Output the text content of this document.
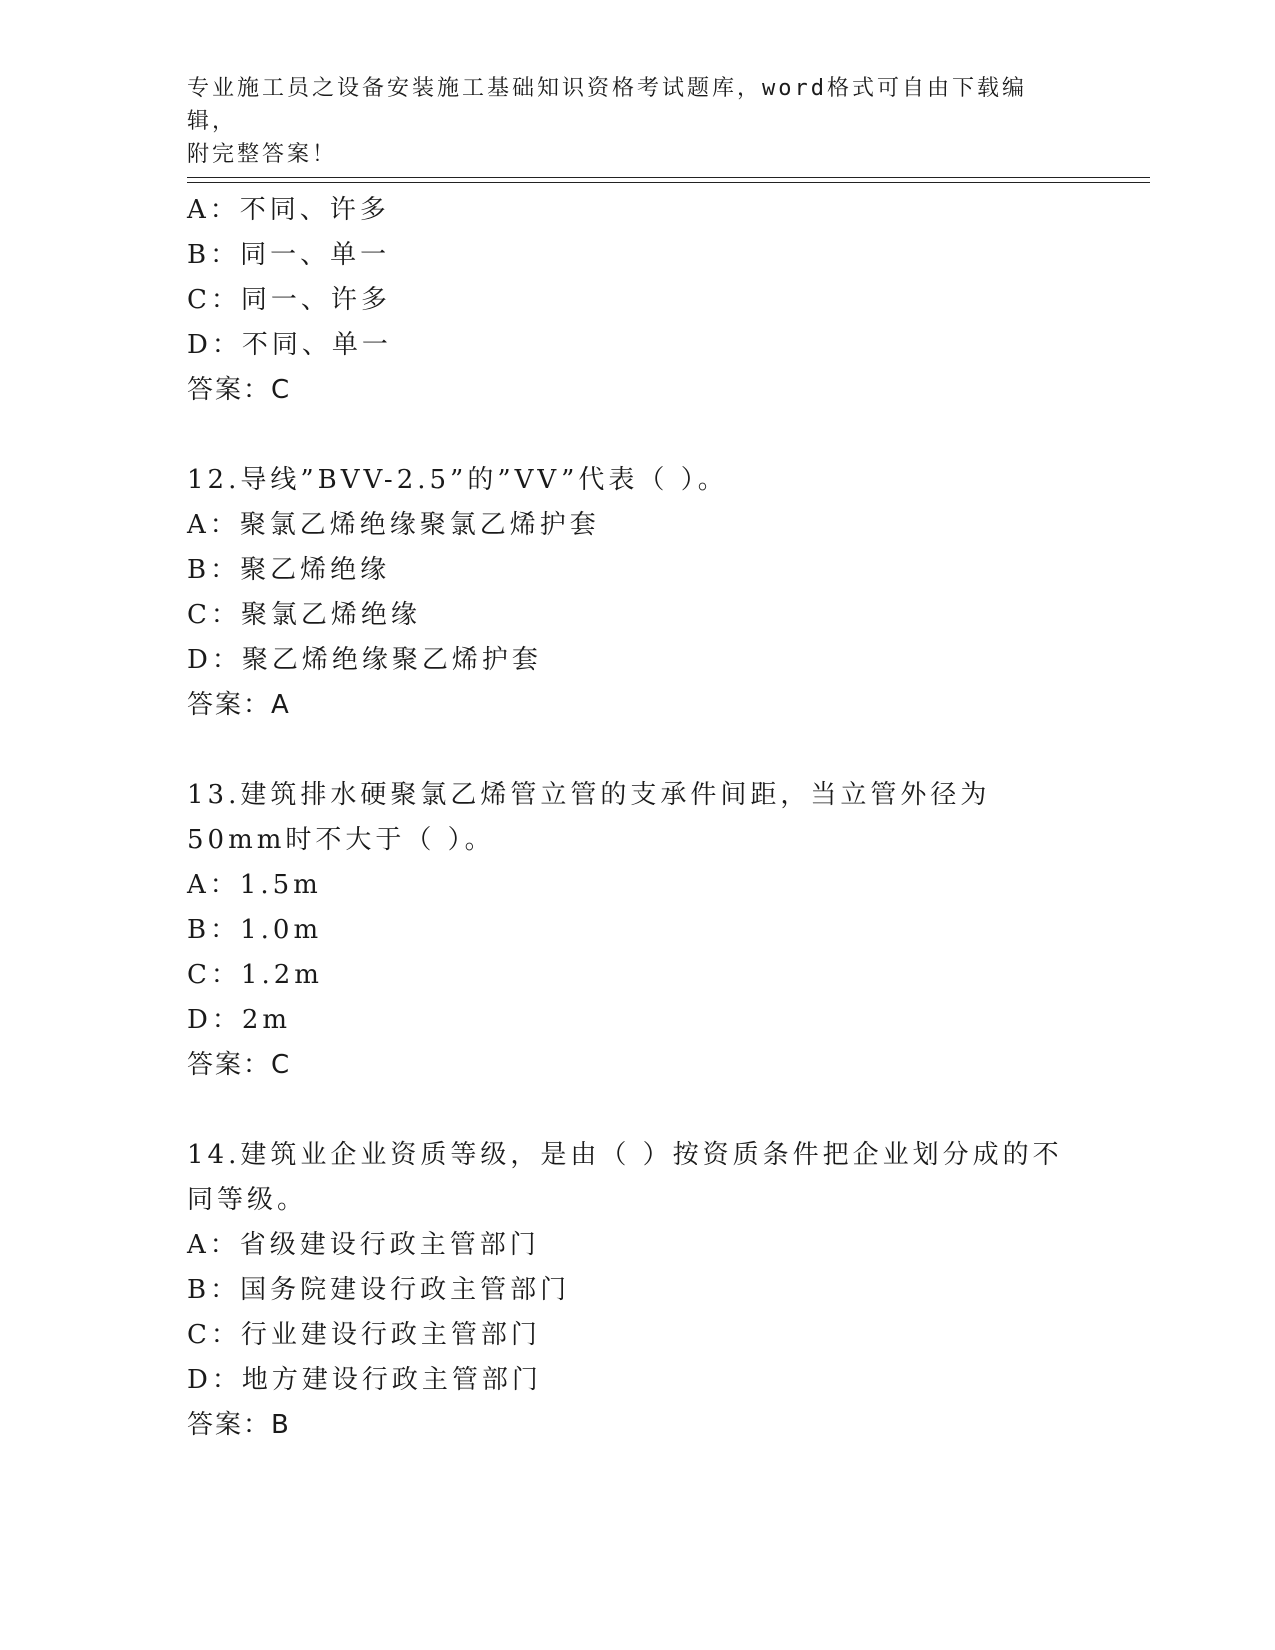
专业施工员之设备安装施工基础知识资格考试题库，word格式可自由下载编辑，
附完整答案！
A：不同、许多
B：同一、单一
C：同一、许多
D：不同、单一
答案：C
12.导线”BVV-2.5”的”VV”代表（ ）。
A：聚氯乙烯绝缘聚氯乙烯护套
B：聚乙烯绝缘
C：聚氯乙烯绝缘
D：聚乙烯绝缘聚乙烯护套
答案：A
13.建筑排水硬聚氯乙烯管立管的支承件间距，当立管外径为50mm时不大于（ ）。
A：1.5m
B：1.0m
C：1.2m
D：2m
答案：C
14.建筑业企业资质等级，是由（ ）按资质条件把企业划分成的不同等级。
A：省级建设行政主管部门
B：国务院建设行政主管部门
C：行业建设行政主管部门
D：地方建设行政主管部门
答案：B
